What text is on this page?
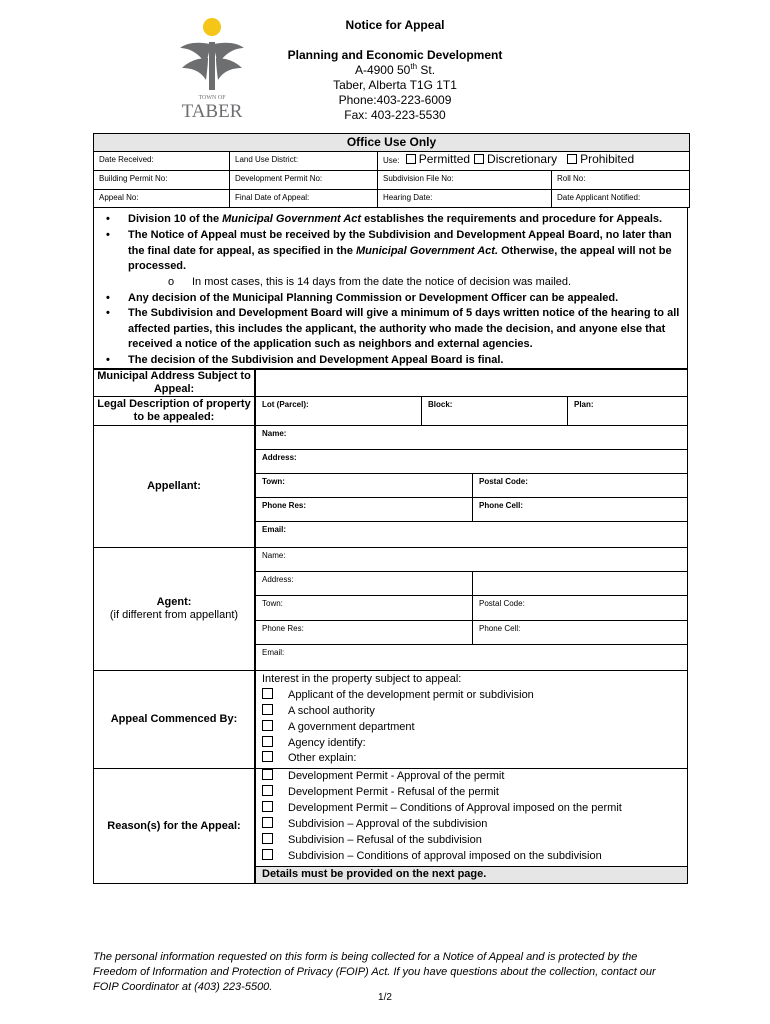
TOWN OF
TABER
Notice for Appeal
Planning and Economic Development
A-4900 50th St.
Taber, Alberta T1G 1T1
Phone:403-223-6009
Fax: 403-223-5530
Office Use Only
Date Received:	Land Use District:	Use: Permitted Discretionary Prohibited
Building Permit No:	Development Permit No:	Subdivision File No:	Roll No:
Appeal No:	Final Date of Appeal:	Hearing Date:	Date Applicant Notified:
• Division 10 of the Municipal Government Act establishes the requirements and procedure for Appeals.
• The Notice of Appeal must be received by the Subdivision and Development Appeal Board, no later than the final date for appeal, as specified in the Municipal Government Act. Otherwise, the appeal will not be processed.
o In most cases, this is 14 days from the date the notice of decision was mailed.
• Any decision of the Municipal Planning Commission or Development Officer can be appealed.
• The Subdivision and Development Board will give a minimum of 5 days written notice of the hearing to all affected parties, this includes the applicant, the authority who made the decision, and anyone else that received a notice of the application such as neighbors and external agencies.
• The decision of the Subdivision and Development Appeal Board is final.
Municipal Address Subject to Appeal:
Legal Description of property to be appealed:
Lot (Parcel):	Block:	Plan:
Appellant:
Name:
Address:
Town:	Postal Code:
Phone Res:	Phone Cell:
Email:
Agent:
(if different from appellant)
Name:
Address:
Town:	Postal Code:
Phone Res:	Phone Cell:
Email:
Appeal Commenced By:
Interest in the property subject to appeal:
Applicant of the development permit or subdivision
A school authority
A government department
Agency identify:
Other explain:
Reason(s) for the Appeal:
Development Permit - Approval of the permit
Development Permit - Refusal of the permit
Development Permit – Conditions of Approval imposed on the permit
Subdivision – Approval of the subdivision
Subdivision – Refusal of the subdivision
Subdivision – Conditions of approval imposed on the subdivision
Details must be provided on the next page.
The personal information requested on this form is being collected for a Notice of Appeal and is protected by the Freedom of Information and Protection of Privacy (FOIP) Act. If you have questions about the collection, contact our FOIP Coordinator at (403) 223-5500.
1/2
